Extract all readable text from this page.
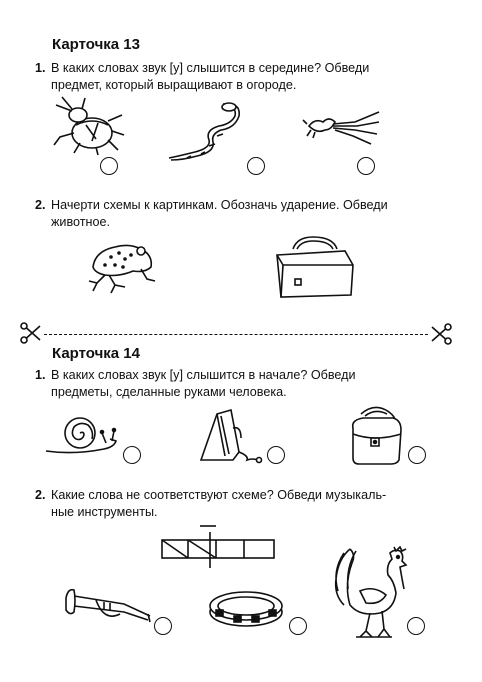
Карточка 13
1. В каких словах звук [у] слышится в середине? Обведи
предмет, который выращивают в огороде.
2. Начерти схемы к картинкам. Обозначь ударение. Обведи
животное.
Карточка 14
1. В каких словах звук [у] слышится в начале? Обведи
предметы, сделанные руками человека.
2. Какие слова не соответствуют схеме? Обведи музыкаль-
ные инструменты.
